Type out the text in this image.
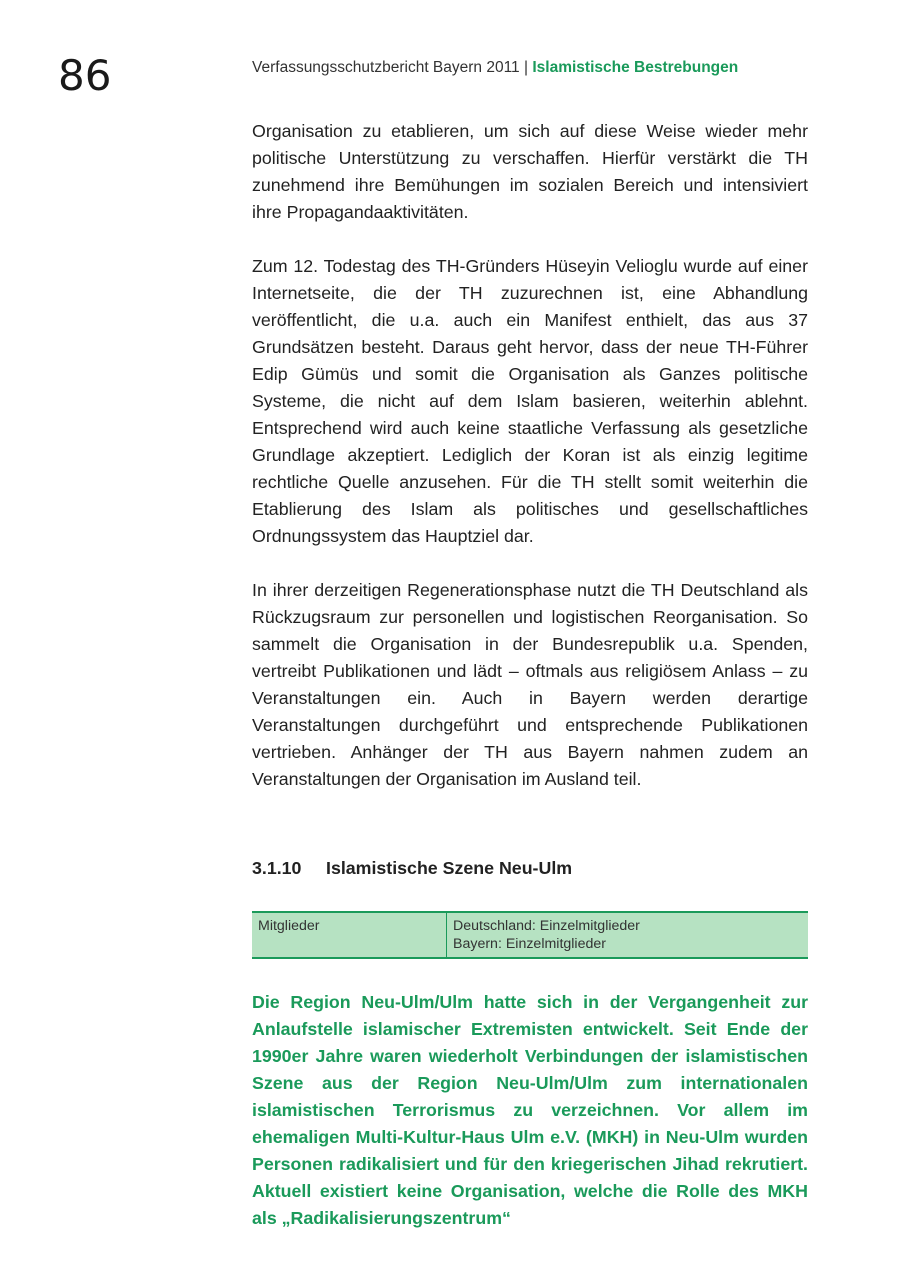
86	Verfassungsschutzbericht Bayern 2011 | Islamistische Bestrebungen

Organisation zu etablieren, um sich auf diese Weise wieder mehr politische Unterstützung zu verschaffen. Hierfür verstärkt die TH zunehmend ihre Bemühungen im sozialen Bereich und intensiviert ihre Propagandaaktivitäten.

Zum 12. Todestag des TH-Gründers Hüseyin Velioglu wurde auf einer Internetseite, die der TH zuzurechnen ist, eine Abhandlung veröffentlicht, die u.a. auch ein Manifest enthielt, das aus 37 Grundsätzen besteht. Daraus geht hervor, dass der neue TH-Führer Edip Gümüs und somit die Organisation als Ganzes politische Systeme, die nicht auf dem Islam basieren, weiterhin ablehnt. Entsprechend wird auch keine staatliche Verfassung als gesetzliche Grundlage akzeptiert. Lediglich der Koran ist als einzig legitime rechtliche Quelle anzusehen. Für die TH stellt somit weiterhin die Etablierung des Islam als politisches und gesellschaftliches Ordnungssystem das Hauptziel dar.

In ihrer derzeitigen Regenerationsphase nutzt die TH Deutschland als Rückzugsraum zur personellen und logistischen Reorganisation. So sammelt die Organisation in der Bundesrepublik u.a. Spenden, vertreibt Publikationen und lädt – oftmals aus religiösem Anlass – zu Veranstaltungen ein. Auch in Bayern werden derartige Veranstaltungen durchgeführt und entsprechende Publikationen vertrieben. Anhänger der TH aus Bayern nahmen zudem an Veranstaltungen der Organisation im Ausland teil.

3.1.10 Islamistische Szene Neu-Ulm
Mitglieder	Deutschland: Einzelmitglieder
Bayern: Einzelmitglieder

Die Region Neu-Ulm/Ulm hatte sich in der Vergangenheit zur Anlaufstelle islamischer Extremisten entwickelt. Seit Ende der 1990er Jahre waren wiederholt Verbindungen der islamistischen Szene aus der Region Neu-Ulm/Ulm zum internationalen islamistischen Terrorismus zu verzeichnen. Vor allem im ehemaligen Multi-Kultur-Haus Ulm e.V. (MKH) in Neu-Ulm wurden Personen radikalisiert und für den kriegerischen Jihad rekrutiert. Aktuell existiert keine Organisation, welche die Rolle des MKH als „Radikalisierungszentrum“
